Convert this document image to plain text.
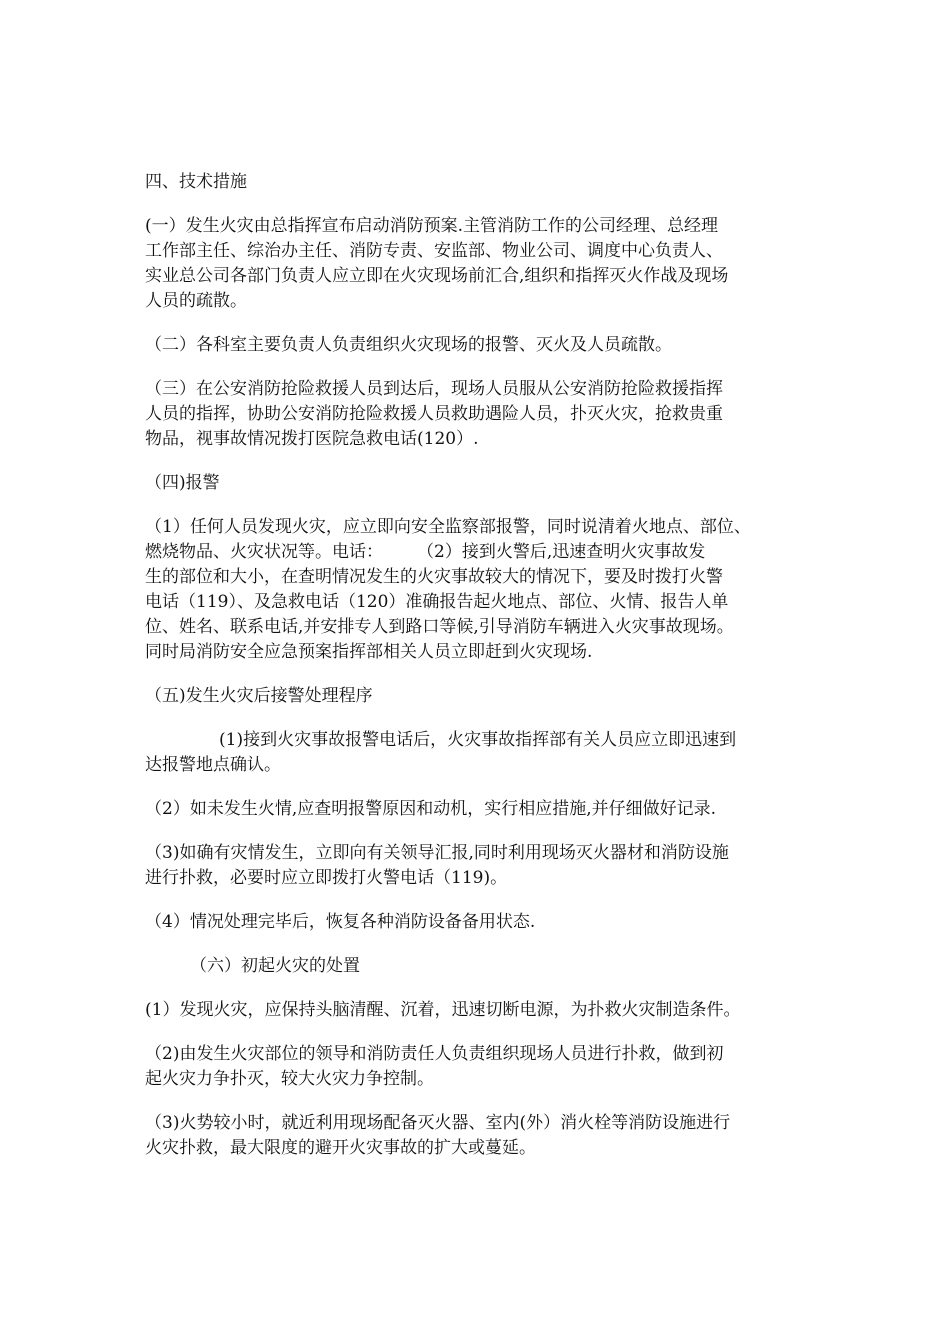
四、技术措施
(一）发生火灾由总指挥宣布启动消防预案.主管消防工作的公司经理、总经理
工作部主任、综治办主任、消防专责、安监部、物业公司、调度中心负责人、
实业总公司各部门负责人应立即在火灾现场前汇合,组织和指挥灭火作战及现场
人员的疏散。
（二）各科室主要负责人负责组织火灾现场的报警、灭火及人员疏散。
（三）在公安消防抢险救援人员到达后，现场人员服从公安消防抢险救援指挥
人员的指挥，协助公安消防抢险救援人员救助遇险人员，扑灭火灾，抢救贵重
物品，视事故情况拨打医院急救电话(120）.
（四)报警
（1）任何人员发现火灾，应立即向安全监察部报警，同时说清着火地点、部位、
燃烧物品、火灾状况等。电话：　　　（2）接到火警后,迅速查明火灾事故发
生的部位和大小，在查明情况发生的火灾事故较大的情况下，要及时拨打火警
电话（119）、及急救电话（120）准确报告起火地点、部位、火情、报告人单
位、姓名、联系电话,并安排专人到路口等候,引导消防车辆进入火灾事故现场。
同时局消防安全应急预案指挥部相关人员立即赶到火灾现场.
（五)发生火灾后接警处理程序
(1)接到火灾事故报警电话后，火灾事故指挥部有关人员应立即迅速到
达报警地点确认。
（2）如未发生火情,应查明报警原因和动机，实行相应措施,并仔细做好记录.
（3)如确有灾情发生，立即向有关领导汇报,同时利用现场灭火器材和消防设施
进行扑救，必要时应立即拨打火警电话（119)。
（4）情况处理完毕后，恢复各种消防设备备用状态.
（六）初起火灾的处置
(1）发现火灾，应保持头脑清醒、沉着，迅速切断电源，为扑救火灾制造条件。
（2)由发生火灾部位的领导和消防责任人负责组织现场人员进行扑救，做到初
起火灾力争扑灭，较大火灾力争控制。
（3)火势较小时，就近利用现场配备灭火器、室内(外）消火栓等消防设施进行
火灾扑救，最大限度的避开火灾事故的扩大或蔓延。
